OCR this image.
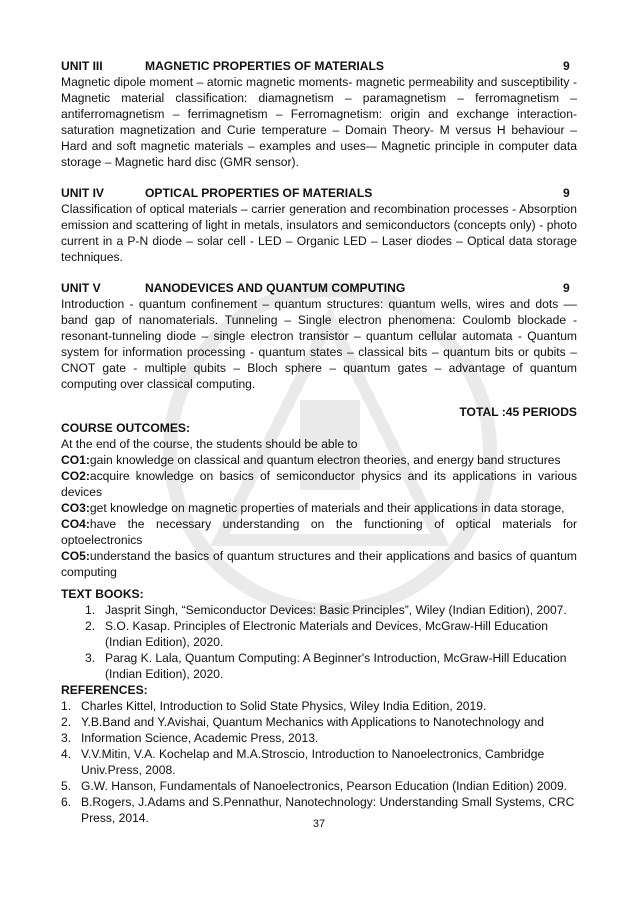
UNIT III	MAGNETIC PROPERTIES OF MATERIALS	9

Magnetic dipole moment – atomic magnetic moments- magnetic permeability and susceptibility - Magnetic material classification: diamagnetism – paramagnetism – ferromagnetism – antiferromagnetism – ferrimagnetism – Ferromagnetism: origin and exchange interaction- saturation magnetization and Curie temperature – Domain Theory- M versus H behaviour – Hard and soft magnetic materials – examples and uses-– Magnetic principle in computer data storage – Magnetic hard disc (GMR sensor).

UNIT IV	OPTICAL PROPERTIES OF MATERIALS	9

Classification of optical materials – carrier generation and recombination processes - Absorption emission and scattering of light in metals, insulators and semiconductors (concepts only) - photo current in a P-N diode – solar cell - LED – Organic LED – Laser diodes – Optical data storage techniques.

UNIT V	NANODEVICES AND QUANTUM COMPUTING	9

Introduction - quantum confinement – quantum structures: quantum wells, wires and dots –– band gap of nanomaterials. Tunneling – Single electron phenomena: Coulomb blockade - resonant-tunneling diode – single electron transistor – quantum cellular automata - Quantum system for information processing - quantum states – classical bits – quantum bits or qubits –CNOT gate - multiple qubits – Bloch sphere – quantum gates – advantage of quantum computing over classical computing.

TOTAL :45 PERIODS
COURSE OUTCOMES:
At the end of the course, the students should be able to

CO1:gain knowledge on classical and quantum electron theories, and energy band structures

CO2:acquire knowledge on basics of semiconductor physics and its applications in various devices

CO3:get knowledge on magnetic properties of materials and their applications in data storage,

CO4:have the necessary understanding on the functioning of optical materials for optoelectronics

CO5:understand the basics of quantum structures and their applications and basics of quantum computing

TEXT BOOKS:
1. Jasprit Singh, “Semiconductor Devices: Basic Principles”, Wiley (Indian Edition), 2007.
2. S.O. Kasap. Principles of Electronic Materials and Devices, McGraw-Hill Education (Indian Edition), 2020.
3. Parag K. Lala, Quantum Computing: A Beginner's Introduction, McGraw-Hill Education (Indian Edition), 2020.
REFERENCES:
1. Charles Kittel, Introduction to Solid State Physics, Wiley India Edition, 2019.
2. Y.B.Band and Y.Avishai, Quantum Mechanics with Applications to Nanotechnology and
3. Information Science, Academic Press, 2013.
4. V.V.Mitin, V.A. Kochelap and M.A.Stroscio, Introduction to Nanoelectronics, Cambridge Univ.Press, 2008.
5. G.W. Hanson, Fundamentals of Nanoelectronics, Pearson Education (Indian Edition) 2009.
6. B.Rogers, J.Adams and S.Pennathur, Nanotechnology: Understanding Small Systems, CRC Press, 2014.	37
